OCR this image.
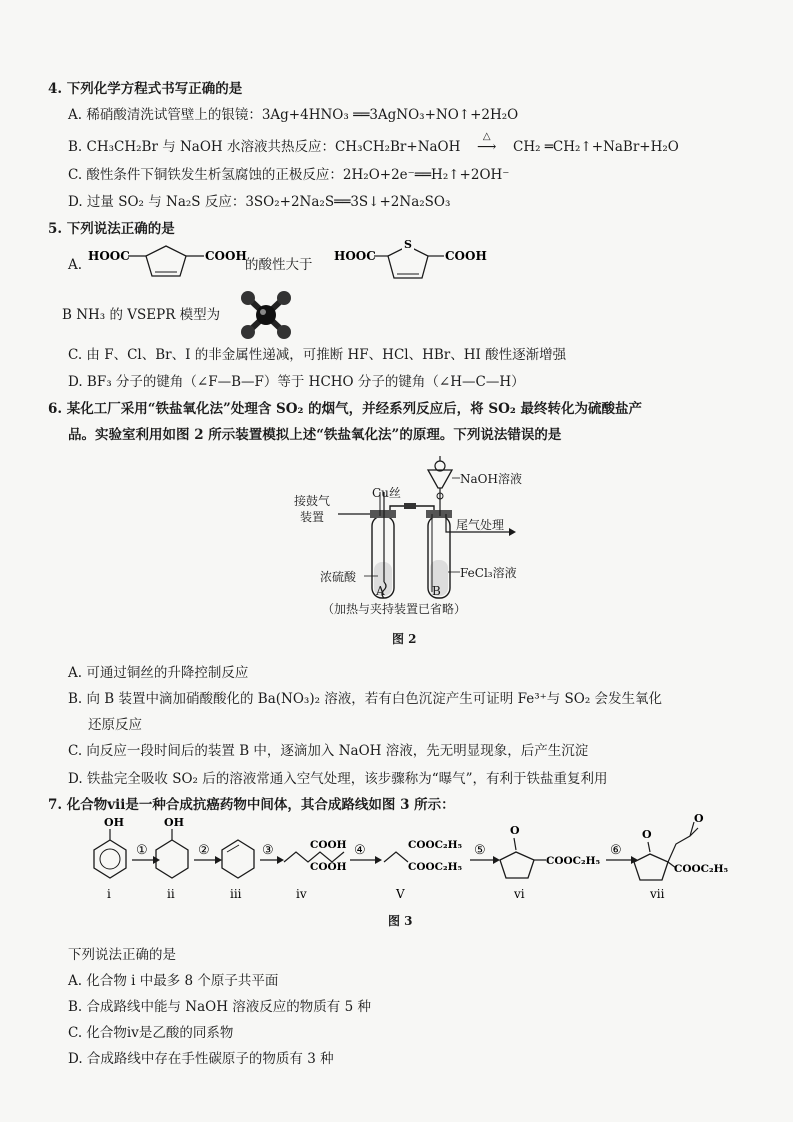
4. 下列化学方程式书写正确的是
A. 稀硝酸清洗试管壁上的银镜：3Ag+4HNO₃ ══3AgNO₃+NO↑+2H₂O
B. CH₃CH₂Br 与 NaOH 水溶液共热反应：CH₃CH₂Br+NaOH
△
⟶ CH₂ ═CH₂↑+NaBr+H₂O
C. 酸性条件下铜铁发生析氢腐蚀的正极反应：2H₂O+2e⁻══H₂↑+2OH⁻
D. 过量 SO₂ 与 Na₂S 反应：3SO₂+2Na₂S══3S↓+2Na₂SO₃
5. 下列说法正确的是
A.
HOOC	COOH	HOOC
S
COOH
的酸性大于
B NH₃ 的 VSEPR 模型为
C. 由 F、Cl、Br、I 的非金属性递减，可推断 HF、HCl、HBr、HI 酸性逐渐增强
D. BF₃ 分子的键角（∠F—B—F）等于 HCHO 分子的键角（∠H—C—H）
6. 某化工厂采用“铁盐氧化法”处理含 SO₂ 的烟气，并经系列反应后，将 SO₂ 最终转化为硫酸盐产
品。实验室利用如图 2 所示装置模拟上述“铁盐氧化法”的原理。下列说法错误的是
接鼓气
装置
Cu丝
NaOH溶液
尾气处理
浓硫酸	FeCl₃溶液
A	B
（加热与夹持装置已省略）
图 2
A. 可通过铜丝的升降控制反应
B. 向 B 装置中滴加硝酸酸化的 Ba(NO₃)₂ 溶液，若有白色沉淀产生可证明 Fe³⁺与 SO₂ 会发生氧化
还原反应
C. 向反应一段时间后的装置 B 中，逐滴加入 NaOH 溶液，先无明显现象，后产生沉淀
D. 铁盐完全吸收 SO₂ 后的溶液常通入空气处理，该步骤称为“曝气”，有利于铁盐重复利用
7. 化合物ⅶ是一种合成抗癌药物中间体，其合成路线如图 3 所示：
OH
i
①
OH
ii
②
iii
③	COOH
COOH
iv
④	COOC₂H₅
COOC₂H₅
V
⑤
O
COOC₂H₅
vi
⑥
O
O
COOC₂H₅
vii
图 3
下列说法正确的是
A. 化合物 i 中最多 8 个原子共平面
B. 合成路线中能与 NaOH 溶液反应的物质有 5 种
C. 化合物ⅳ是乙酸的同系物
D. 合成路线中存在手性碳原子的物质有 3 种
